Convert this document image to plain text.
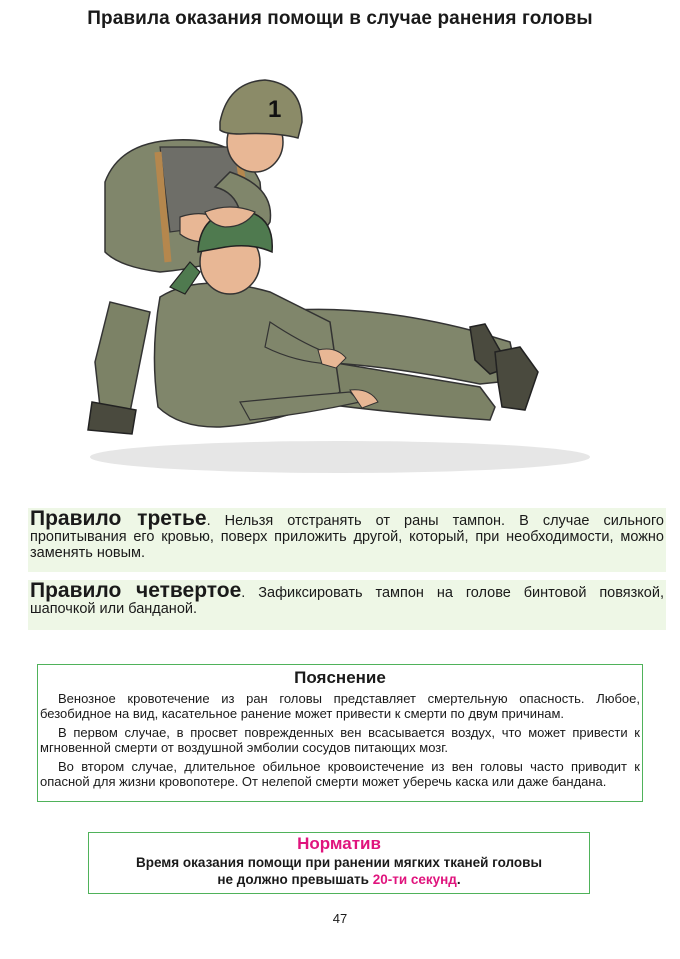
Правила оказания помощи в случае ранения головы
1
Правило третье. Нельзя отстранять от раны тампон. В случае сильного пропитывания его кровью, поверх приложить другой, который, при необходимости, можно заменять новым.
Правило четвертое. Зафиксировать тампон на голове бинтовой повязкой, шапочкой или банданой.
Пояснение

Венозное кровотечение из ран головы представляет смертельную опасность. Любое, безобидное на вид, касательное ранение может привести к смерти по двум причинам.

В первом случае, в просвет поврежденных вен всасывается воздух, что может привести к мгновенной смерти от воздушной эмболии сосудов питающих мозг.

Во втором случае, длительное обильное кровоистечение из вен головы часто приводит к опасной для жизни кровопотере. От нелепой смерти может уберечь каска или даже бандана.

Норматив
Время оказания помощи при ранении мягких тканей головы
не должно превышать 20-ти секунд.
47
